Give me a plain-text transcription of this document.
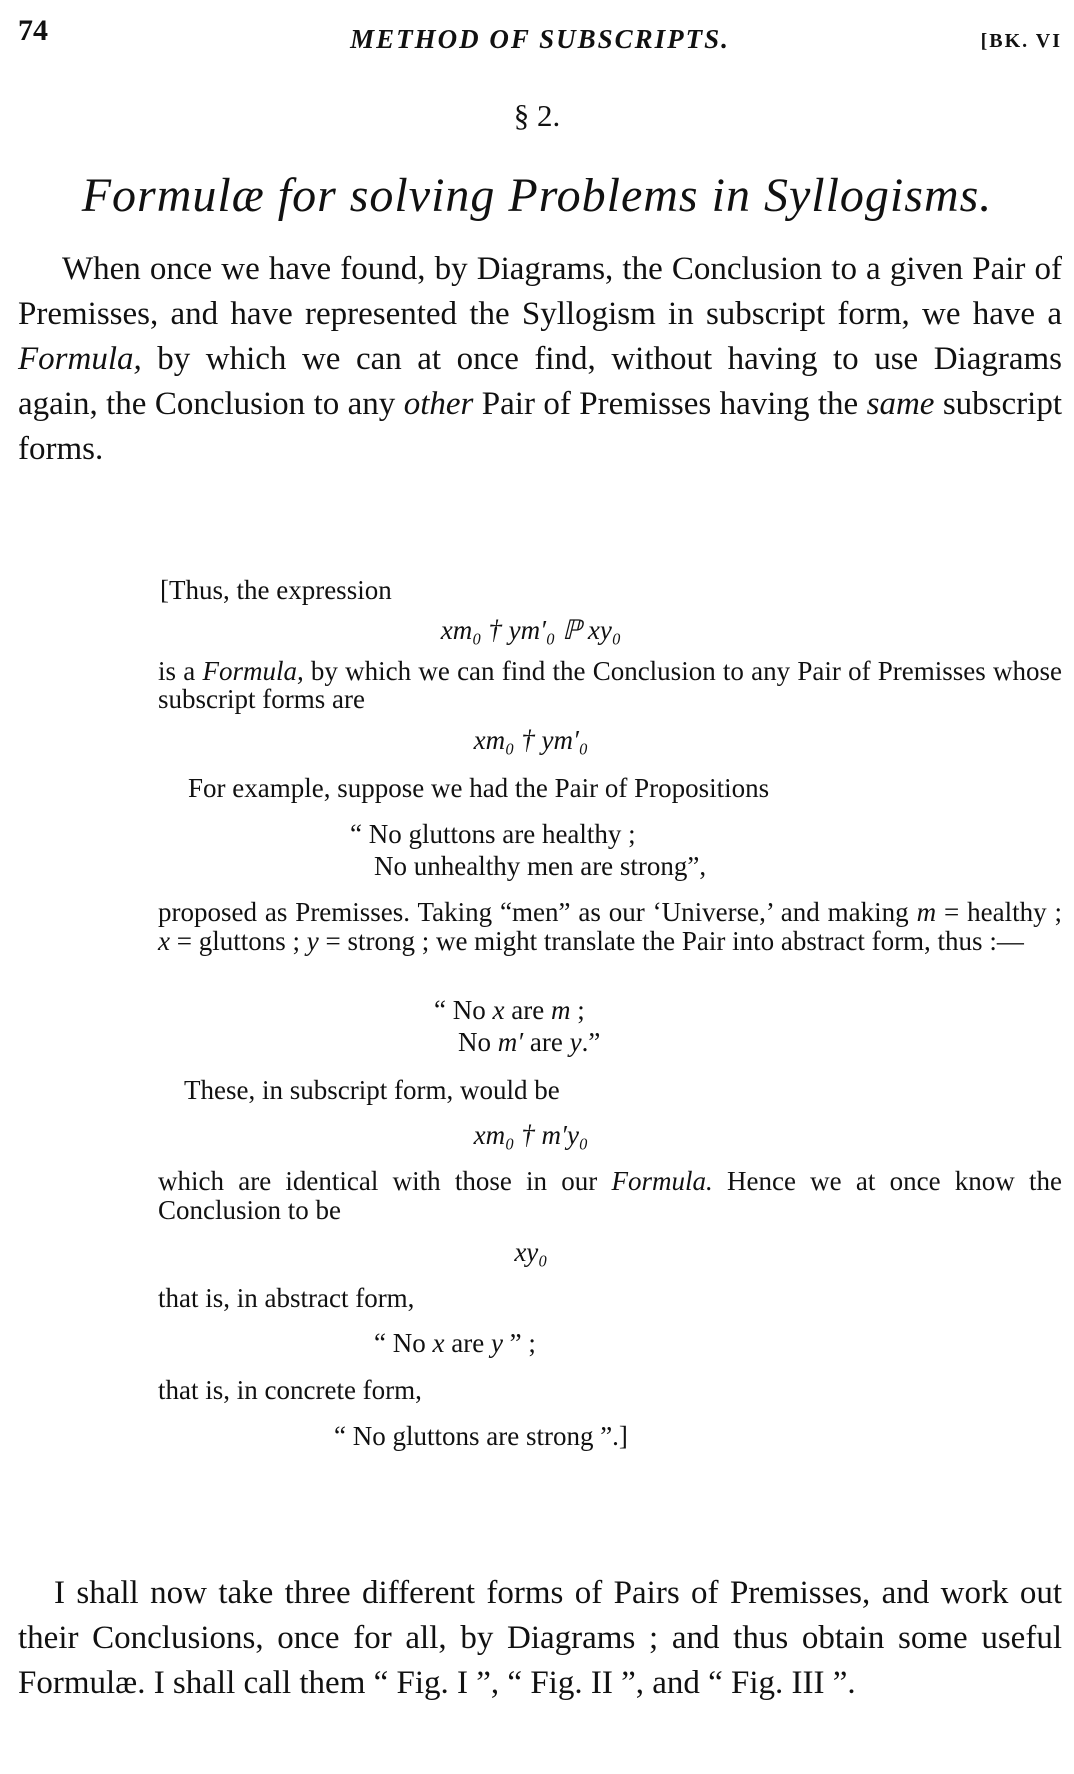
74	METHOD OF SUBSCRIPTS.	[BK. VI
§ 2.
Formulæ for solving Problems in Syllogisms.

When once we have found, by Diagrams, the Conclusion to a given Pair of Premisses, and have represented the Syllogism in subscript form, we have a Formula, by which we can at once find, without having to use Diagrams again, the Conclusion to any other Pair of Premisses having the same subscript forms.

[Thus, the expression
xm₀ † ym′₀ ℙ xy₀
is a Formula, by which we can find the Conclusion to any Pair of Premisses whose subscript forms are
xm₀ † ym′₀
For example, suppose we had the Pair of Propositions
“ No gluttons are healthy ;
No unhealthy men are strong”,
proposed as Premisses. Taking “men” as our ‘Universe,’ and making m = healthy ; x = gluttons ; y = strong ; we might translate the Pair into abstract form, thus :—
“ No x are m ;
No m′ are y.”
These, in subscript form, would be
xm₀ † m′y₀
which are identical with those in our Formula. Hence we at once know the Conclusion to be
xy₀
that is, in abstract form,
“ No x are y ” ;
that is, in concrete form,
“ No gluttons are strong ”.]

I shall now take three different forms of Pairs of Premisses, and work out their Conclusions, once for all, by Diagrams ; and thus obtain some useful Formulæ. I shall call them “ Fig. I ”, “ Fig. II ”, and “ Fig. III ”.
